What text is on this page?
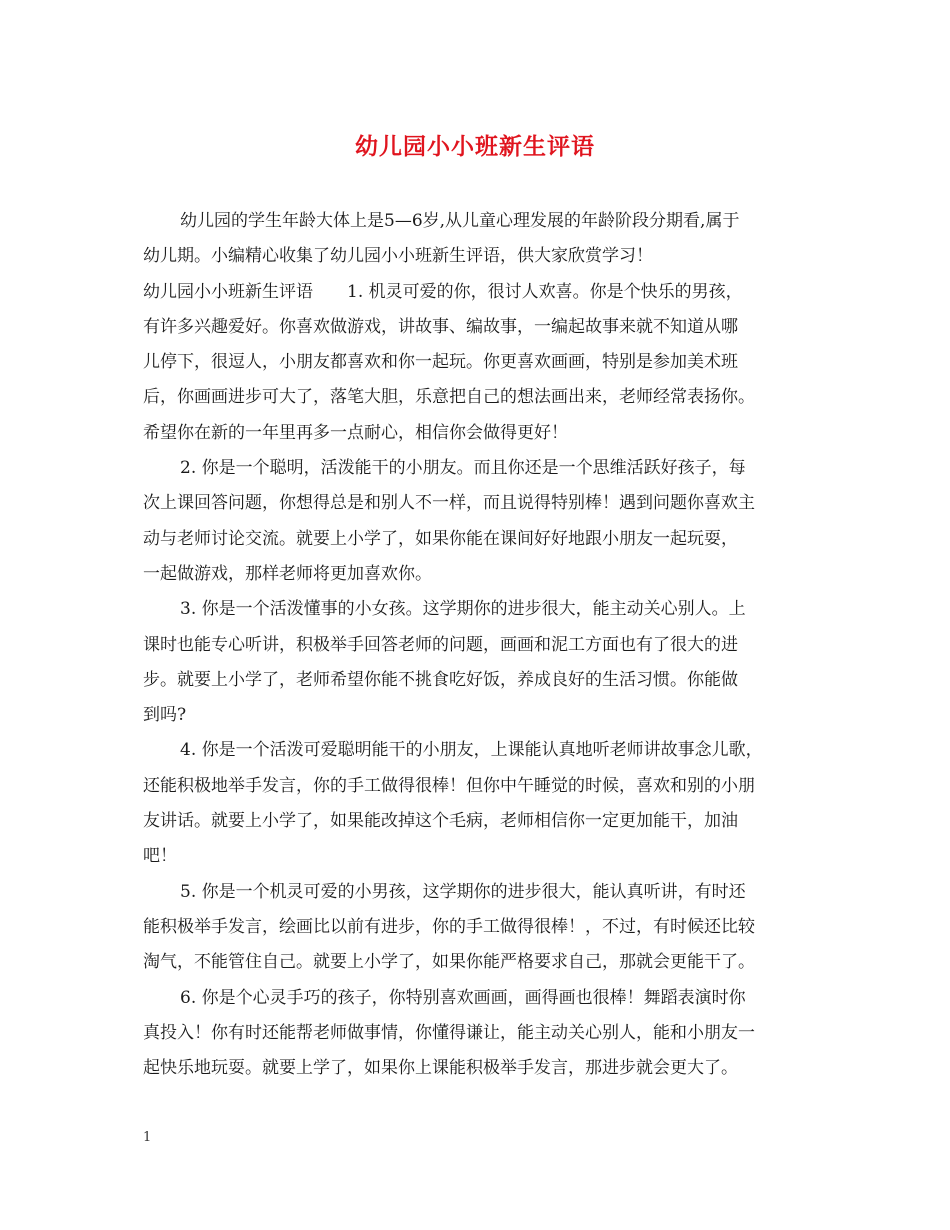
幼儿园小小班新生评语
幼儿园的学生年龄大体上是5—6岁,从儿童心理发展的年龄阶段分期看,属于
幼儿期。小编精心收集了幼儿园小小班新生评语，供大家欣赏学习！
幼儿园小小班新生评语　　1. 机灵可爱的你，很讨人欢喜。你是个快乐的男孩，
有许多兴趣爱好。你喜欢做游戏，讲故事、编故事，一编起故事来就不知道从哪
儿停下，很逗人，小朋友都喜欢和你一起玩。你更喜欢画画，特别是参加美术班
后，你画画进步可大了，落笔大胆，乐意把自己的想法画出来，老师经常表扬你。
希望你在新的一年里再多一点耐心，相信你会做得更好！
2. 你是一个聪明，活泼能干的小朋友。而且你还是一个思维活跃好孩子，每
次上课回答问题，你想得总是和别人不一样，而且说得特别棒！遇到问题你喜欢主
动与老师讨论交流。就要上小学了，如果你能在课间好好地跟小朋友一起玩耍，
一起做游戏，那样老师将更加喜欢你。
3. 你是一个活泼懂事的小女孩。这学期你的进步很大，能主动关心别人。上
课时也能专心听讲，积极举手回答老师的问题，画画和泥工方面也有了很大的进
步。就要上小学了，老师希望你能不挑食吃好饭，养成良好的生活习惯。你能做
到吗?
4. 你是一个活泼可爱聪明能干的小朋友，上课能认真地听老师讲故事念儿歌，
还能积极地举手发言，你的手工做得很棒！但你中午睡觉的时候，喜欢和别的小朋
友讲话。就要上小学了，如果能改掉这个毛病，老师相信你一定更加能干，加油
吧！
5. 你是一个机灵可爱的小男孩，这学期你的进步很大，能认真听讲，有时还
能积极举手发言，绘画比以前有进步，你的手工做得很棒！，不过，有时候还比较
淘气，不能管住自己。就要上小学了，如果你能严格要求自己，那就会更能干了。
6. 你是个心灵手巧的孩子，你特别喜欢画画，画得画也很棒！舞蹈表演时你
真投入！你有时还能帮老师做事情，你懂得谦让，能主动关心别人，能和小朋友一
起快乐地玩耍。就要上学了，如果你上课能积极举手发言，那进步就会更大了。
1
